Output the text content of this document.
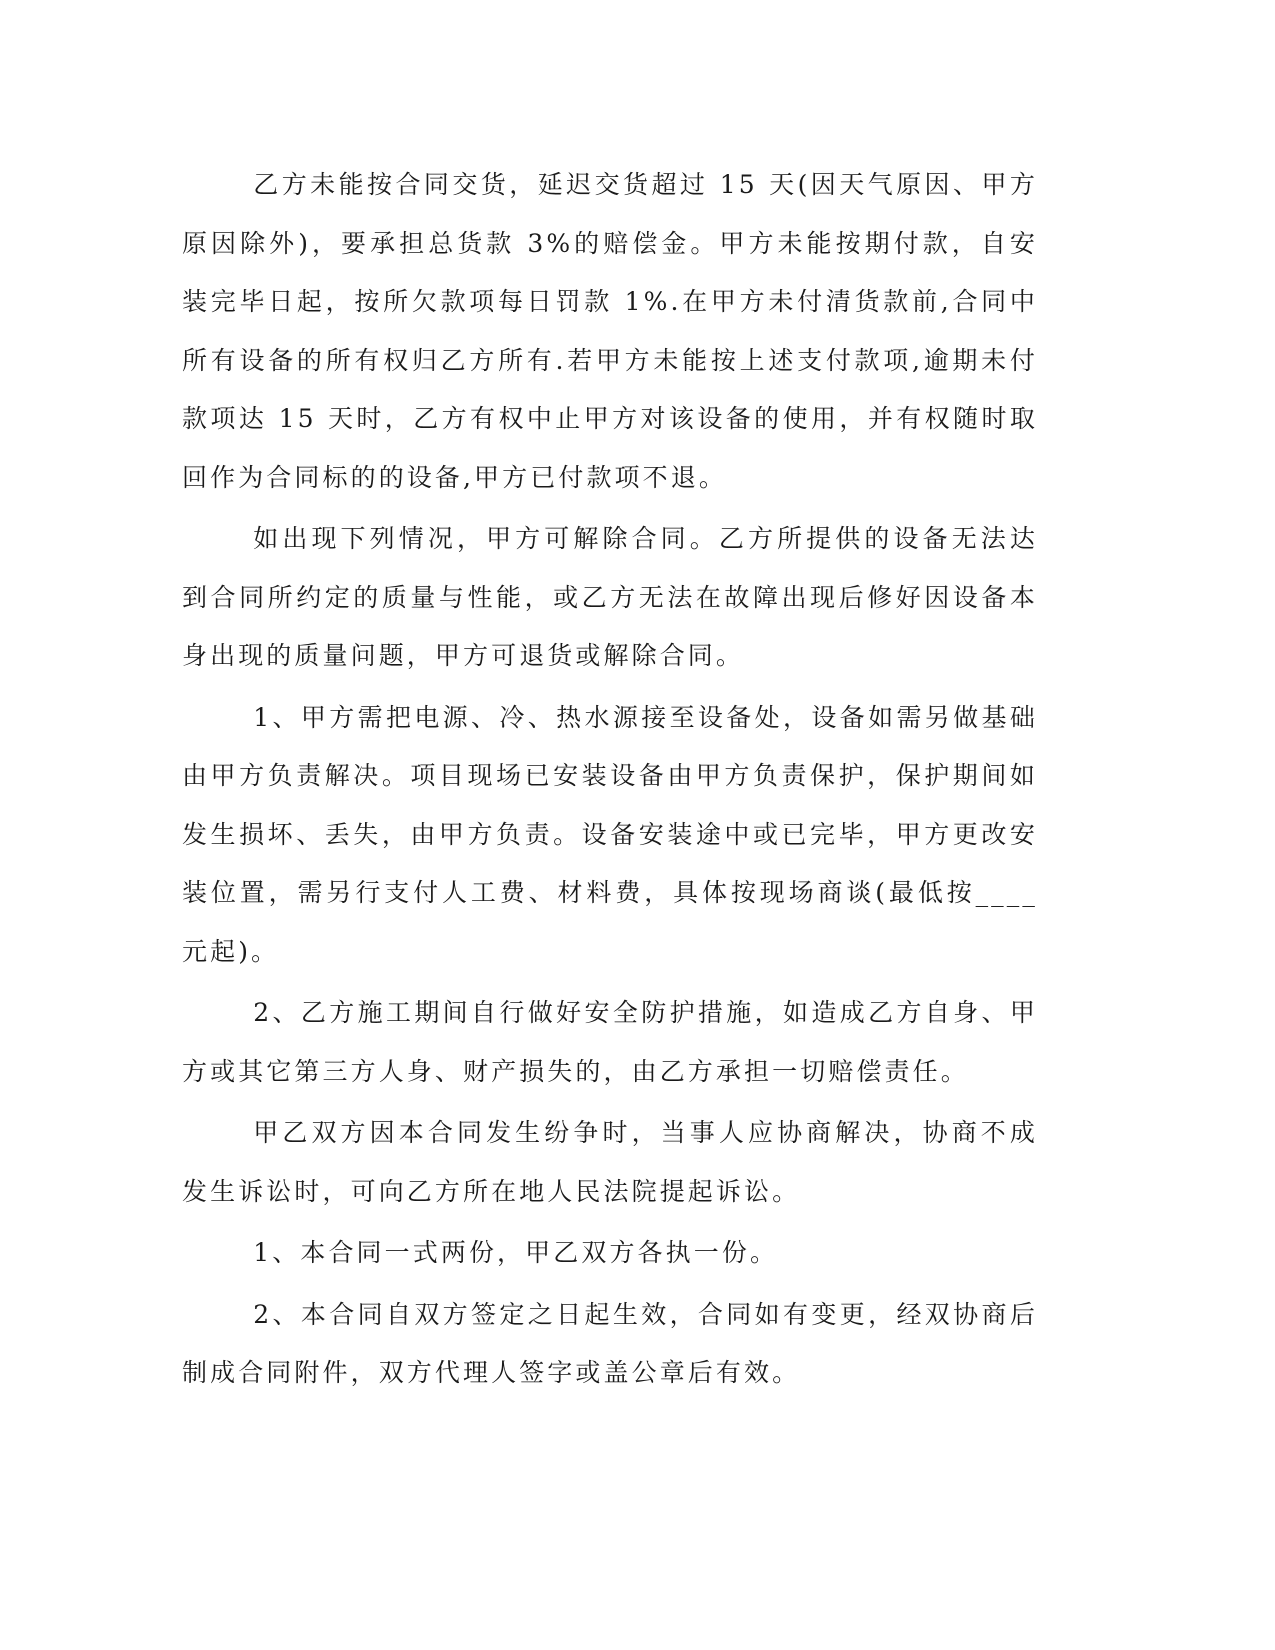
乙方未能按合同交货，延迟交货超过 15 天(因天气原因、甲方原因除外)，要承担总货款 3%的赔偿金。甲方未能按期付款，自安装完毕日起，按所欠款项每日罚款 1%.在甲方未付清货款前,合同中所有设备的所有权归乙方所有.若甲方未能按上述支付款项,逾期未付款项达 15 天时，乙方有权中止甲方对该设备的使用，并有权随时取回作为合同标的的设备,甲方已付款项不退。

如出现下列情况，甲方可解除合同。乙方所提供的设备无法达到合同所约定的质量与性能，或乙方无法在故障出现后修好因设备本身出现的质量问题，甲方可退货或解除合同。

1、甲方需把电源、冷、热水源接至设备处，设备如需另做基础由甲方负责解决。项目现场已安装设备由甲方负责保护，保护期间如发生损坏、丢失，由甲方负责。设备安装途中或已完毕，甲方更改安装位置，需另行支付人工费、材料费，具体按现场商谈(最低按____元起)。

2、乙方施工期间自行做好安全防护措施，如造成乙方自身、甲方或其它第三方人身、财产损失的，由乙方承担一切赔偿责任。

甲乙双方因本合同发生纷争时，当事人应协商解决，协商不成发生诉讼时，可向乙方所在地人民法院提起诉讼。

1、本合同一式两份，甲乙双方各执一份。

2、本合同自双方签定之日起生效，合同如有变更，经双协商后制成合同附件，双方代理人签字或盖公章后有效。
